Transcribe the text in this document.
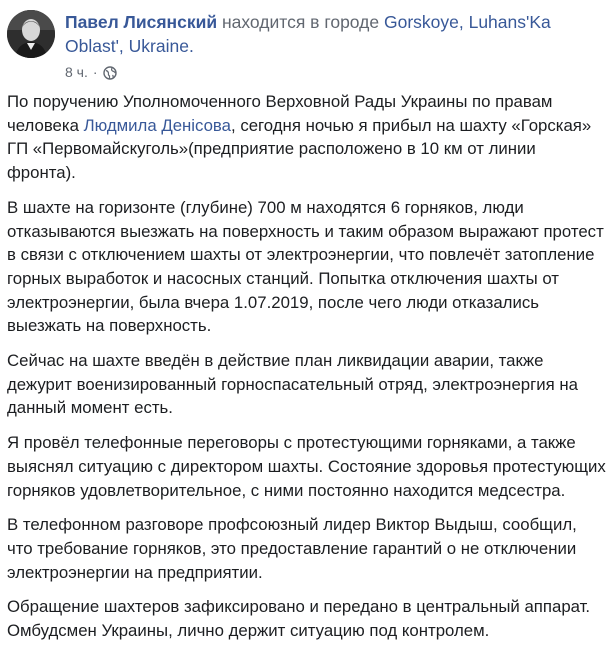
Павел Лисянский находится в городе Gorskoye, Luhans'Ka Oblast', Ukraine.
8 ч. ·

По поручению Уполномоченного Верховной Рады Украины по правам человека Людмила Денісова, сегодня ночью я прибыл на шахту «Горская» ГП «Первомайскуголь»(предприятие расположено в 10 км от линии фронта).

В шахте на горизонте (глубине) 700 м находятся 6 горняков, люди отказываются выезжать на поверхность и таким образом выражают протест в связи с отключением шахты от электроэнергии, что повлечёт затопление горных выработок и насосных станций. Попытка отключения шахты от электроэнергии, была вчера 1.07.2019, после чего люди отказались выезжать на поверхность.

Сейчас на шахте введён в действие план ликвидации аварии, также дежурит военизированный горноспасательный отряд, электроэнергия на данный момент есть.

Я провёл телефонные переговоры с протестующими горняками, а также выяснял ситуацию с директором шахты. Состояние здоровья протестующих горняков удовлетворительное, с ними постоянно находится медсестра.

В телефонном разговоре профсоюзный лидер Виктор Выдыш, сообщил, что требование горняков, это предоставление гарантий о не отключении электроэнергии на предприятии.

Обращение шахтеров зафиксировано и передано в центральный аппарат. Омбудсмен Украины, лично держит ситуацию под контролем.
